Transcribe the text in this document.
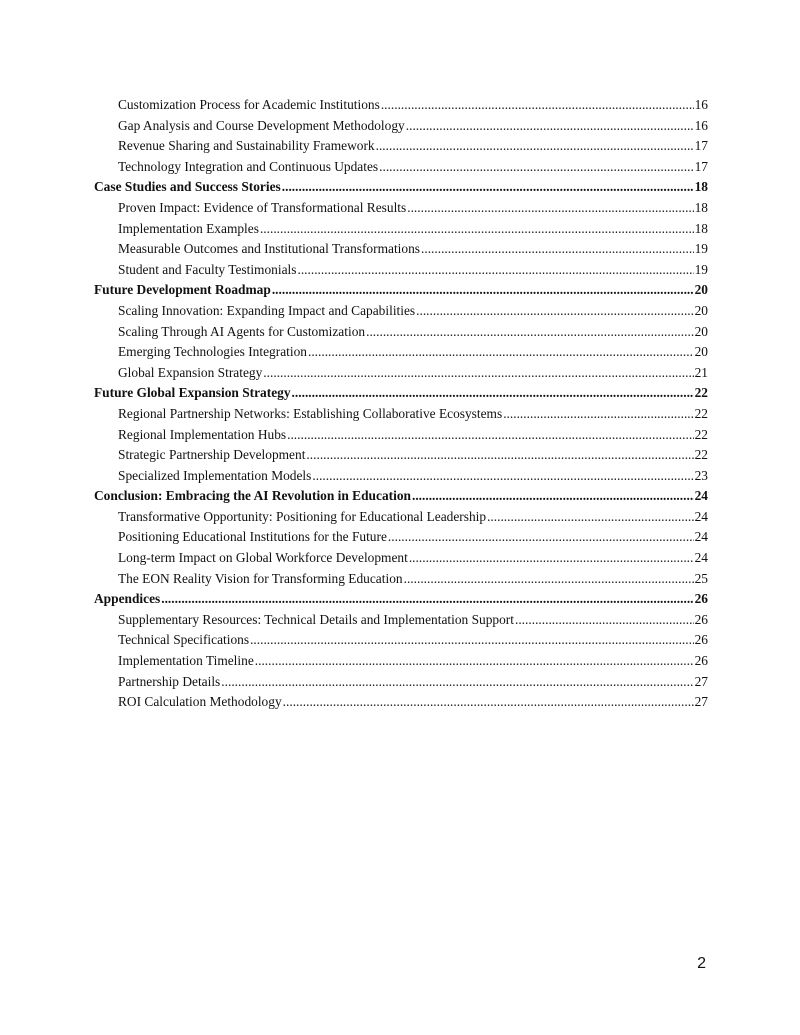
Customization Process for Academic Institutions .....	16
Gap Analysis and Course Development Methodology .....	16
Revenue Sharing and Sustainability Framework .....	17
Technology Integration and Continuous Updates .....	17
Case Studies and Success Stories .....	18
Proven Impact: Evidence of Transformational Results .....	18
Implementation Examples .....	18
Measurable Outcomes and Institutional Transformations .....	19
Student and Faculty Testimonials .....	19
Future Development Roadmap .....	20
Scaling Innovation: Expanding Impact and Capabilities .....	20
Scaling Through AI Agents for Customization .....	20
Emerging Technologies Integration .....	20
Global Expansion Strategy .....	21
Future Global Expansion Strategy .....	22
Regional Partnership Networks: Establishing Collaborative Ecosystems .....	22
Regional Implementation Hubs .....	22
Strategic Partnership Development .....	22
Specialized Implementation Models .....	23
Conclusion: Embracing the AI Revolution in Education .....	24
Transformative Opportunity: Positioning for Educational Leadership .....	24
Positioning Educational Institutions for the Future .....	24
Long-term Impact on Global Workforce Development .....	24
The EON Reality Vision for Transforming Education .....	25
Appendices .....	26
Supplementary Resources: Technical Details and Implementation Support .....	26
Technical Specifications .....	26
Implementation Timeline .....	26
Partnership Details .....	27
ROI Calculation Methodology .....	27
2
